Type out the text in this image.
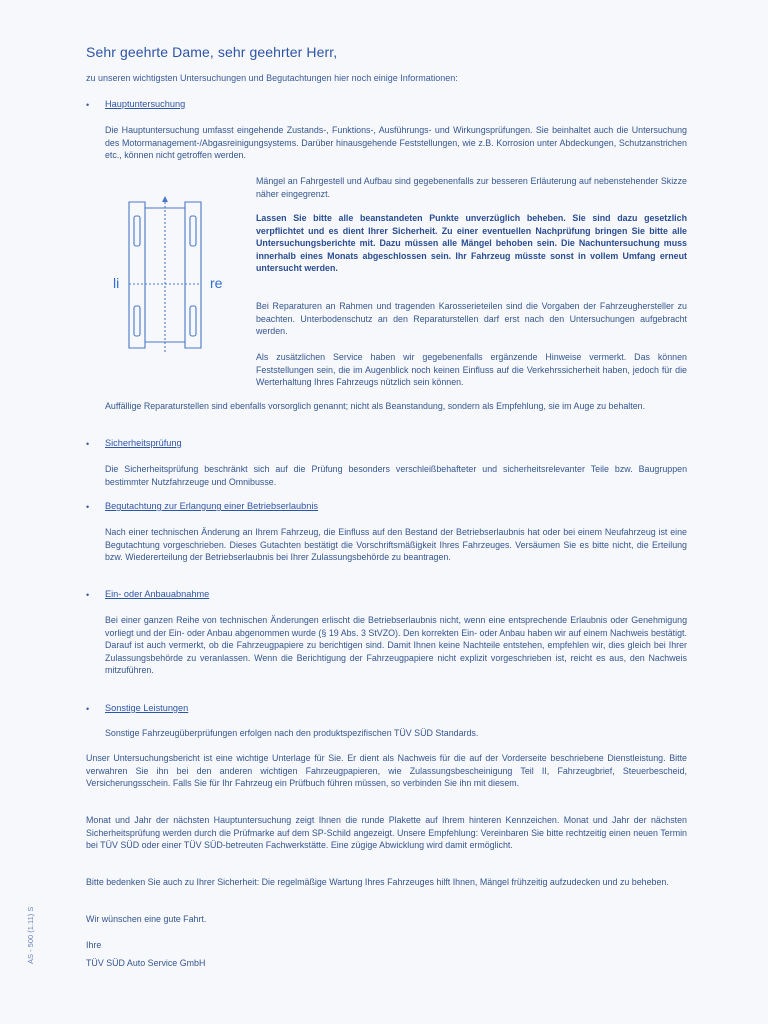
Sehr geehrte Dame, sehr geehrter Herr,
zu unseren wichtigsten Untersuchungen und Begutachtungen hier noch einige Informationen:
• Hauptuntersuchung

Die Hauptuntersuchung umfasst eingehende Zustands-, Funktions-, Ausführungs- und Wirkungsprüfungen. Sie beinhaltet auch die Untersuchung des Motormanagement-/Abgasreinigungsystems. Darüber hinausgehende Feststellungen, wie z.B. Korrosion unter Abdeckungen, Schutzanstrichen etc., können nicht getroffen werden.

li	re

Mängel an Fahrgestell und Aufbau sind gegebenenfalls zur besseren Erläuterung auf nebenstehender Skizze näher eingegrenzt.

Lassen Sie bitte alle beanstandeten Punkte unverzüglich beheben. Sie sind dazu gesetzlich verpflichtet und es dient Ihrer Sicherheit. Zu einer eventuellen Nachprüfung bringen Sie bitte alle Untersuchungsberichte mit. Dazu müssen alle Mängel behoben sein. Die Nachuntersuchung muss innerhalb eines Monats abgeschlossen sein. Ihr Fahrzeug müsste sonst in vollem Umfang erneut untersucht werden.

Bei Reparaturen an Rahmen und tragenden Karosserieteilen sind die Vorgaben der Fahrzeughersteller zu beachten. Unterbodenschutz an den Reparaturstellen darf erst nach den Untersuchungen aufgebracht werden.

Als zusätzlichen Service haben wir gegebenenfalls ergänzende Hinweise vermerkt. Das können Feststellungen sein, die im Augenblick noch keinen Einfluss auf die Verkehrssicherheit haben, jedoch für die Werterhaltung Ihres Fahrzeugs nützlich sein können.

Auffällige Reparaturstellen sind ebenfalls vorsorglich genannt; nicht als Beanstandung, sondern als Empfehlung, sie im Auge zu behalten.

• Sicherheitsprüfung

Die Sicherheitsprüfung beschränkt sich auf die Prüfung besonders verschleißbehafteter und sicherheitsrelevanter Teile bzw. Baugruppen bestimmter Nutzfahrzeuge und Omnibusse.

• Begutachtung zur Erlangung einer Betriebserlaubnis

Nach einer technischen Änderung an Ihrem Fahrzeug, die Einfluss auf den Bestand der Betriebserlaubnis hat oder bei einem Neufahrzeug ist eine Begutachtung vorgeschrieben. Dieses Gutachten bestätigt die Vorschriftsmäßigkeit Ihres Fahrzeuges. Versäumen Sie es bitte nicht, die Erteilung bzw. Wiedererteilung der Betriebserlaubnis bei Ihrer Zulassungsbehörde zu beantragen.

• Ein- oder Anbauabnahme

Bei einer ganzen Reihe von technischen Änderungen erlischt die Betriebserlaubnis nicht, wenn eine entsprechende Erlaubnis oder Genehmigung vorliegt und der Ein- oder Anbau abgenommen wurde (§ 19 Abs. 3 StVZO). Den korrekten Ein- oder Anbau haben wir auf einem Nachweis bestätigt. Darauf ist auch vermerkt, ob die Fahrzeugpapiere zu berichtigen sind. Damit Ihnen keine Nachteile entstehen, empfehlen wir, dies gleich bei Ihrer Zulassungsbehörde zu veranlassen. Wenn die Berichtigung der Fahrzeugpapiere nicht explizit vorgeschrieben ist, reicht es aus, den Nachweis mitzuführen.

• Sonstige Leistungen

Sonstige Fahrzeugüberprüfungen erfolgen nach den produktspezifischen TÜV SÜD Standards.

Unser Untersuchungsbericht ist eine wichtige Unterlage für Sie. Er dient als Nachweis für die auf der Vorderseite beschriebene Dienstleistung. Bitte verwahren Sie ihn bei den anderen wichtigen Fahrzeugpapieren, wie Zulassungsbescheinigung Teil II, Fahrzeugbrief, Steuerbescheid, Versicherungsschein. Falls Sie für Ihr Fahrzeug ein Prüfbuch führen müssen, so verbinden Sie ihn mit diesem.

Monat und Jahr der nächsten Hauptuntersuchung zeigt Ihnen die runde Plakette auf Ihrem hinteren Kennzeichen. Monat und Jahr der nächsten Sicherheitsprüfung werden durch die Prüfmarke auf dem SP-Schild angezeigt. Unsere Empfehlung: Vereinbaren Sie bitte rechtzeitig einen neuen Termin bei TÜV SÜD oder einer TÜV SÜD-betreuten Fachwerkstätte. Eine zügige Abwicklung wird damit ermöglicht.

Bitte bedenken Sie auch zu Ihrer Sicherheit: Die regelmäßige Wartung Ihres Fahrzeuges hilft Ihnen, Mängel frühzeitig aufzudecken und zu beheben.

Wir wünschen eine gute Fahrt.

Ihre

TÜV SÜD Auto Service GmbH

AS - 500 (1.11) S
